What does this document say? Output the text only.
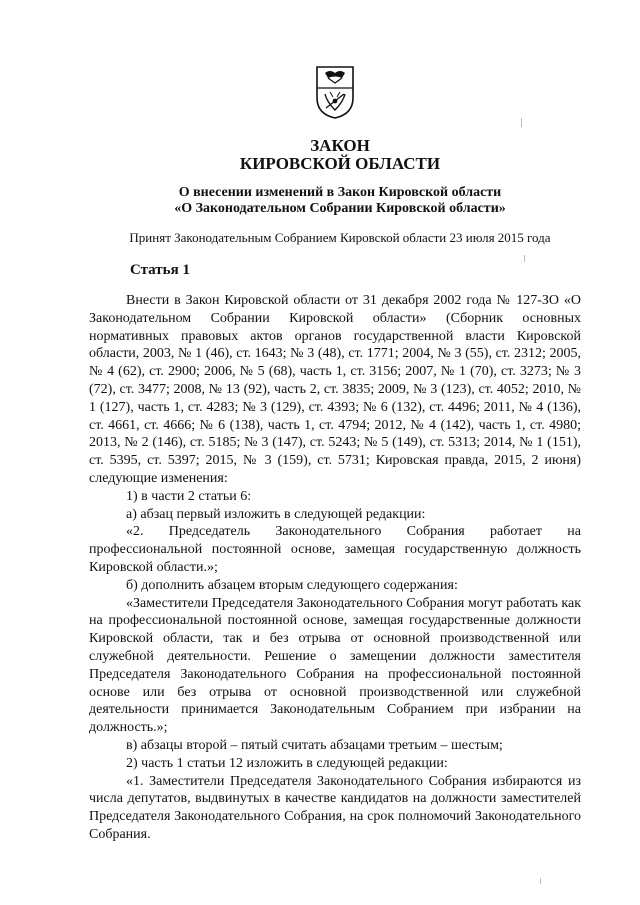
ЗАКОН
КИРОВСКОЙ ОБЛАСТИ
О внесении изменений в Закон Кировской области
«О Законодательном Собрании Кировской области»
Принят Законодательным Собранием Кировской области 23 июля 2015 года
Статья 1

Внести в Закон Кировской области от 31 декабря 2002 года № 127-ЗО «О Законодательном Собрании Кировской области» (Сборник основных нормативных правовых актов органов государственной власти Кировской области, 2003, № 1 (46), ст. 1643; № 3 (48), ст. 1771; 2004, № 3 (55), ст. 2312; 2005, № 4 (62), ст. 2900; 2006, № 5 (68), часть 1, ст. 3156; 2007, № 1 (70), ст. 3273; № 3 (72), ст. 3477; 2008, № 13 (92), часть 2, ст. 3835; 2009, № 3 (123), ст. 4052; 2010, № 1 (127), часть 1, ст. 4283; № 3 (129), ст. 4393; № 6 (132), ст. 4496; 2011, № 4 (136), ст. 4661, ст. 4666; № 6 (138), часть 1, ст. 4794; 2012, № 4 (142), часть 1, ст. 4980; 2013, № 2 (146), ст. 5185; № 3 (147), ст. 5243; № 5 (149), ст. 5313; 2014, № 1 (151), ст. 5395, ст. 5397; 2015, № 3 (159), ст. 5731; Кировская правда, 2015, 2 июня) следующие изменения:

1) в части 2 статьи 6:

а) абзац первый изложить в следующей редакции:

«2. Председатель Законодательного Собрания работает на профессиональной постоянной основе, замещая государственную должность Кировской области.»;

б) дополнить абзацем вторым следующего содержания:

«Заместители Председателя Законодательного Собрания могут работать как на профессиональной постоянной основе, замещая государственные должности Кировской области, так и без отрыва от основной производственной или служебной деятельности. Решение о замещении должности заместителя Председателя Законодательного Собрания на профессиональной постоянной основе или без отрыва от основной производственной или служебной деятельности принимается Законодательным Собранием при избрании на должность.»;

в) абзацы второй – пятый считать абзацами третьим – шестым;

2) часть 1 статьи 12 изложить в следующей редакции:

«1. Заместители Председателя Законодательного Собрания избираются из числа депутатов, выдвинутых в качестве кандидатов на должности заместителей Председателя Законодательного Собрания, на срок полномочий Законодательного Собрания.
